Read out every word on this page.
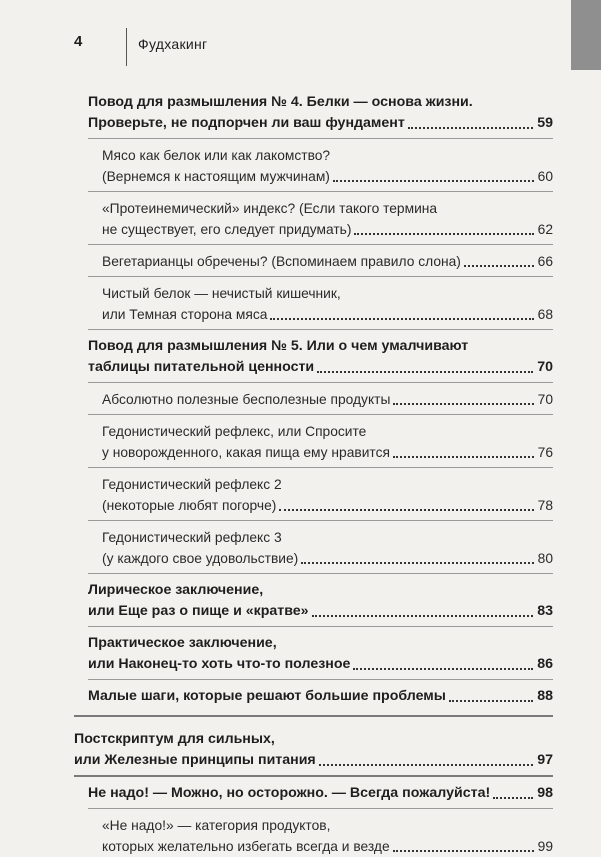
4	Фудхакинг
Повод для размышления № 4. Белки — основа жизни.
Проверьте, не подпорчен ли ваш фундамент	59
Мясо как белок или как лакомство?
(Вернемся к настоящим мужчинам)	60
«Протеинемический» индекс? (Если такого термина
не существует, его следует придумать)	62
Вегетарианцы обречены? (Вспоминаем правило слона)	66
Чистый белок — нечистый кишечник,
или Темная сторона мяса	68
Повод для размышления № 5. Или о чем умалчивают
таблицы питательной ценности	70
Абсолютно полезные бесполезные продукты	70
Гедонистический рефлекс, или Спросите
у новорожденного, какая пища ему нравится	76
Гедонистический рефлекс 2
(некоторые любят погорче)	78
Гедонистический рефлекс 3
(у каждого свое удовольствие)	80
Лирическое заключение,
или Еще раз о пище и «кратве»	83
Практическое заключение,
или Наконец-то хоть что-то полезное	86
Малые шаги, которые решают большие проблемы	88
Постскриптум для сильных,
или Железные принципы питания	97
Не надо! — Можно, но осторожно. — Всегда пожалуйста!	98
«Не надо!» — категория продуктов,
которых желательно избегать всегда и везде	99
